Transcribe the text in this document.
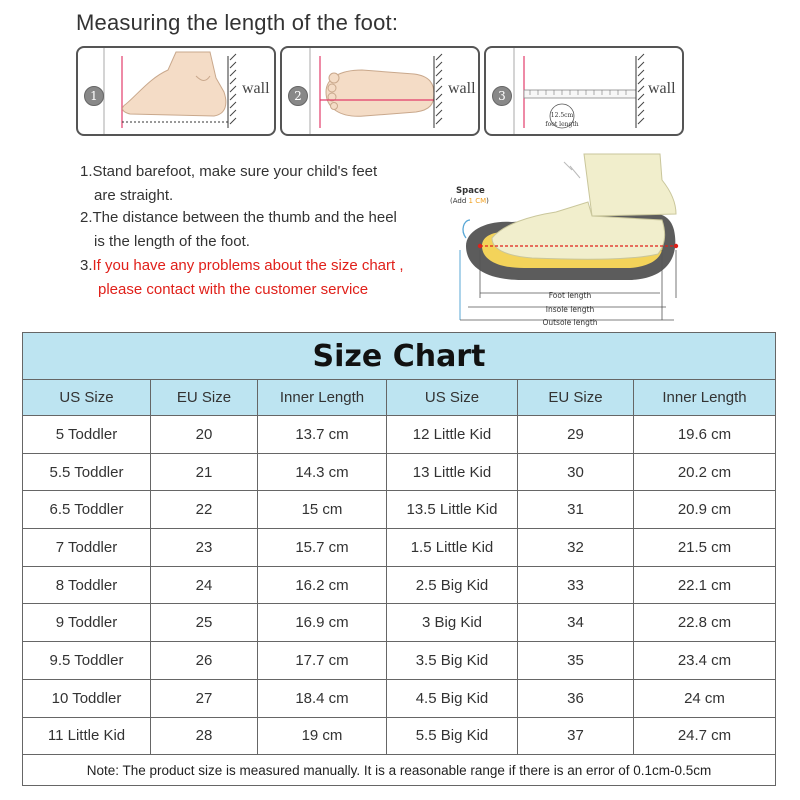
Measuring the length of the foot:
1	wall	2	wall
12.5cm
foot length
3	wall
1.Stand barefoot, make sure your child's feet
are straight.
2.The distance between the thumb and the heel
is the length of the foot.
3.If you have any problems about the size chart ,
please contact with the customer service
Space
(Add 1 CM)
Foot length
Insole length
Outsole length
Size Chart					
US Size	EU Size	Inner Length	US Size	EU Size	Inner Length
5 Toddler	20	13.7 cm	12 Little Kid	29	19.6 cm
5.5 Toddler	21	14.3 cm	13 Little Kid	30	20.2 cm
6.5 Toddler	22	15 cm	13.5 Little Kid	31	20.9 cm
7 Toddler	23	15.7 cm	1.5 Little Kid	32	21.5 cm
8 Toddler	24	16.2 cm	2.5 Big Kid	33	22.1 cm
9 Toddler	25	16.9 cm	3 Big Kid	34	22.8 cm
9.5 Toddler	26	17.7 cm	3.5 Big Kid	35	23.4 cm
10 Toddler	27	18.4 cm	4.5 Big Kid	36	24 cm
11 Little Kid	28	19 cm	5.5 Big Kid	37	24.7 cm
Note: The product size is measured manually. It is a reasonable range if there is an error of 0.1cm-0.5cm					
